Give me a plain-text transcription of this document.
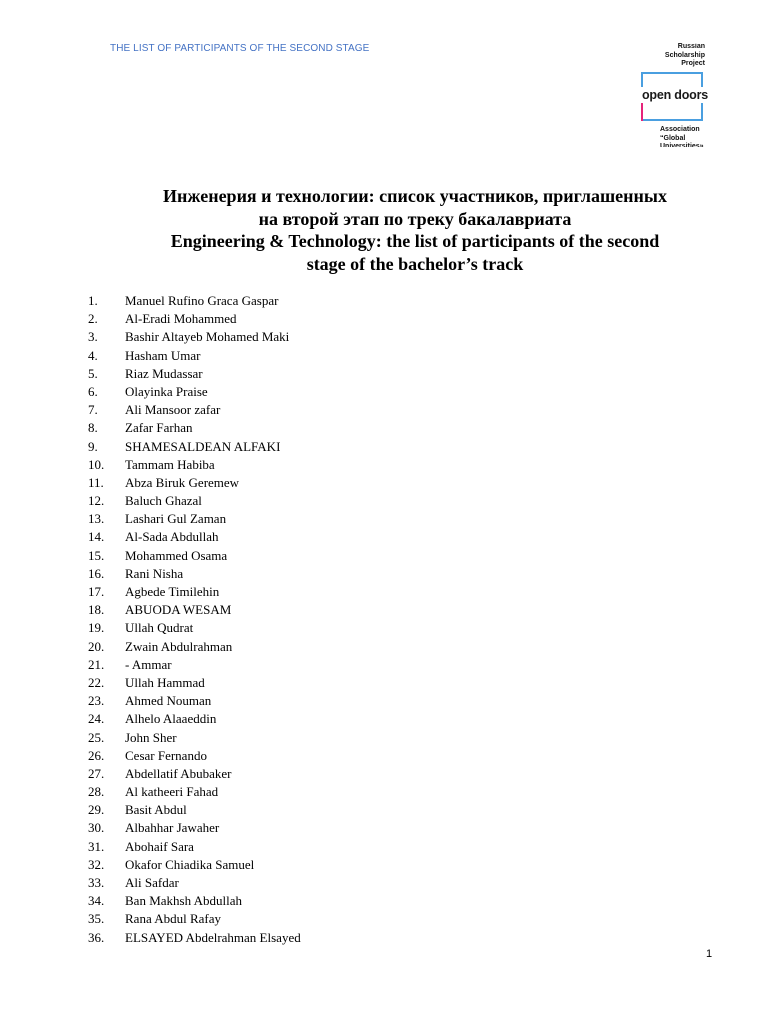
THE LIST OF PARTICIPANTS OF THE SECOND STAGE	Russian
Scholarship
Project
open doors
Association
“Global
Universities»
Инженерия и технологии: список участников, приглашенных
на второй этап по треку бакалавриата
Engineering & Technology: the list of participants of the second
stage of the bachelor’s track
1. Manuel Rufino Graca Gaspar
2. Al-Eradi Mohammed
3. Bashir Altayeb Mohamed Maki
4. Hasham Umar
5. Riaz Mudassar
6. Olayinka Praise
7. Ali Mansoor zafar
8. Zafar Farhan
9. SHAMESALDEAN ALFAKI
10. Tammam Habiba
11. Abza Biruk Geremew
12. Baluch Ghazal
13. Lashari Gul Zaman
14. Al-Sada Abdullah
15. Mohammed Osama
16. Rani Nisha
17. Agbede Timilehin
18. ABUODA WESAM
19. Ullah Qudrat
20. Zwain Abdulrahman
21. - Ammar
22. Ullah Hammad
23. Ahmed Nouman
24. Alhelo Alaaeddin
25. John Sher
26. Cesar Fernando
27. Abdellatif Abubaker
28. Al katheeri Fahad
29. Basit Abdul
30. Albahhar Jawaher
31. Abohaif Sara
32. Okafor Chiadika Samuel
33. Ali Safdar
34. Ban Makhsh Abdullah
35. Rana Abdul Rafay
36. ELSAYED Abdelrahman Elsayed
1
